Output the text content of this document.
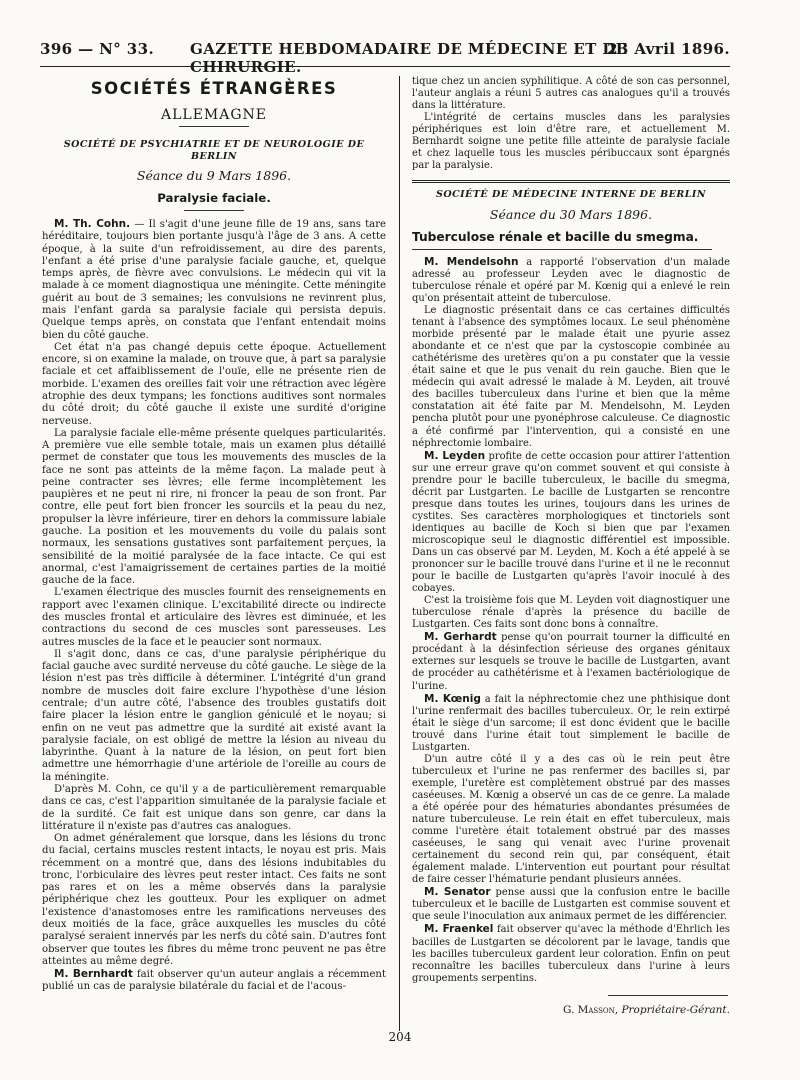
396 — N° 33. GAZETTE HEBDOMADAIRE DE MÉDECINE ET DE CHIRURGIE.
23 Avril 1896.
SOCIÉTÉS ÉTRANGÈRES
ALLEMAGNE
SOCIÉTÉ DE PSYCHIATRIE ET DE NEUROLOGIE DE BERLIN
Séance du 9 Mars 1896.
Paralysie faciale.

M. Th. Cohn. — Il s'agit d'une jeune fille de 19 ans, sans tare héréditaire, toujours bien portante jusqu'à l'âge de 3 ans. A cette époque, à la suite d'un refroidissement, au dire des parents, l'enfant a été prise d'une paralysie faciale gauche, et, quelque temps après, de fièvre avec convulsions. Le médecin qui vit la malade à ce moment diagnostiqua une méningite. Cette méningite guérit au bout de 3 semaines; les convulsions ne revinrent plus, mais l'enfant garda sa paralysie faciale qui persista depuis. Quelque temps après, on constata que l'enfant entendait moins bien du côté gauche.

Cet état n'a pas changé depuis cette époque. Actuellement encore, si on examine la malade, on trouve que, à part sa paralysie faciale et cet affaiblissement de l'ouïe, elle ne présente rien de morbide. L'examen des oreilles fait voir une rétraction avec légère atrophie des deux tympans; les fonctions auditives sont normales du côté droit; du côté gauche il existe une surdité d'origine nerveuse.

La paralysie faciale elle-même présente quelques particularités. A première vue elle semble totale, mais un examen plus détaillé permet de constater que tous les mouvements des muscles de la face ne sont pas atteints de la même façon. La malade peut à peine contracter ses lèvres; elle ferme incomplètement les paupières et ne peut ni rire, ni froncer la peau de son front. Par contre, elle peut fort bien froncer les sourcils et la peau du nez, propulser la lèvre inférieure, tirer en dehors la commissure labiale gauche. La position et les mouvements du voile du palais sont normaux, les sensations gustatives sont parfaitement perçues, la sensibilité de la moitié paralysée de la face intacte. Ce qui est anormal, c'est l'amaigrissement de certaines parties de la moitié gauche de la face.

L'examen électrique des muscles fournit des renseignements en rapport avec l'examen clinique. L'excitabilité directe ou indirecte des muscles frontal et articulaire des lèvres est diminuée, et les contractions du second de ces muscles sont paresseuses. Les autres muscles de la face et le peaucier sont normaux.

Il s'agit donc, dans ce cas, d'une paralysie périphérique du facial gauche avec surdité nerveuse du côté gauche. Le siège de la lésion n'est pas très difficile à déterminer. L'intégrité d'un grand nombre de muscles doit faire exclure l'hypothèse d'une lésion centrale; d'un autre côté, l'absence des troubles gustatifs doit faire placer la lésion entre le ganglion géniculé et le noyau; si enfin on ne veut pas admettre que la surdité ait existé avant la paralysie faciale, on est obligé de mettre la lésion au niveau du labyrinthe. Quant à la nature de la lésion, on peut fort bien admettre une hémorrhagie d'une artériole de l'oreille au cours de la méningite.

D'après M. Cohn, ce qu'il y a de particulièrement remarquable dans ce cas, c'est l'apparition simultanée de la paralysie faciale et de la surdité. Ce fait est unique dans son genre, car dans la littérature il n'existe pas d'autres cas analogues.

On admet généralement que lorsque, dans les lésions du tronc du facial, certains muscles restent intacts, le noyau est pris. Mais récemment on a montré que, dans des lésions indubitables du tronc, l'orbiculaire des lèvres peut rester intact. Ces faits ne sont pas rares et on les a même observés dans la paralysie périphérique chez les goutteux. Pour les expliquer on admet l'existence d'anastomoses entre les ramifications nerveuses des deux moitiés de la face, grâce auxquelles les muscles du côté paralysé seraient innervés par les nerfs du côté sain. D'autres font observer que toutes les fibres du même tronc peuvent ne pas être atteintes au même degré.

M. Bernhardt fait observer qu'un auteur anglais a récemment publié un cas de paralysie bilatérale du facial et de l'acous-

tique chez un ancien syphilitique. A côté de son cas personnel, l'auteur anglais a réuni 5 autres cas analogues qu'il a trouvés dans la littérature.

L'intégrité de certains muscles dans les paralysies périphériques est loin d'être rare, et actuellement M. Bernhardt soigne une petite fille atteinte de paralysie faciale et chez laquelle tous les muscles péribuccaux sont épargnés par la paralysie.

SOCIÉTÉ DE MÉDECINE INTERNE DE BERLIN
Séance du 30 Mars 1896.
Tuberculose rénale et bacille du smegma.

M. Mendelsohn a rapporté l'observation d'un malade adressé au professeur Leyden avec le diagnostic de tuberculose rénale et opéré par M. Kœnig qui a enlevé le rein qu'on présentait atteint de tuberculose.

Le diagnostic présentait dans ce cas certaines difficultés tenant à l'absence des symptômes locaux. Le seul phénomène morbide présenté par le malade était une pyurie assez abondante et ce n'est que par la cystoscopie combinée au cathétérisme des uretères qu'on a pu constater que la vessie était saine et que le pus venait du rein gauche. Bien que le médecin qui avait adressé le malade à M. Leyden, ait trouvé des bacilles tuberculeux dans l'urine et bien que la même constatation ait été faite par M. Mendelsohn, M. Leyden pencha plutôt pour une pyonéphrose calculeuse. Ce diagnostic a été confirmé par l'intervention, qui a consisté en une néphrectomie lombaire.

M. Leyden profite de cette occasion pour attirer l'attention sur une erreur grave qu'on commet souvent et qui consiste à prendre pour le bacille tuberculeux, le bacille du smegma, décrit par Lustgarten. Le bacille de Lustgarten se rencontre presque dans toutes les urines, toujours dans les urines de cystites. Ses caractères morphologiques et tinctoriels sont identiques au bacille de Koch si bien que par l'examen microscopique seul le diagnostic différentiel est impossible. Dans un cas observé par M. Leyden, M. Koch a été appelé à se prononcer sur le bacille trouvé dans l'urine et il ne le reconnut pour le bacille de Lustgarten qu'après l'avoir inoculé à des cobayes.

C'est la troisième fois que M. Leyden voit diagnostiquer une tuberculose rénale d'après la présence du bacille de Lustgarten. Ces faits sont donc bons à connaître.

M. Gerhardt pense qu'on pourrait tourner la difficulté en procédant à la désinfection sérieuse des organes génitaux externes sur lesquels se trouve le bacille de Lustgarten, avant de procéder au cathétérisme et à l'examen bactériologique de l'urine.

M. Kœnig a fait la néphrectomie chez une phthisique dont l'urine renfermait des bacilles tuberculeux. Or, le rein extirpé était le siège d'un sarcome; il est donc évident que le bacille trouvé dans l'urine était tout simplement le bacille de Lustgarten.

D'un autre côté il y a des cas où le rein peut être tuberculeux et l'urine ne pas renfermer des bacilles si, par exemple, l'uretère est complètement obstrué par des masses caséeuses. M. Kœnig a observé un cas de ce genre. La malade a été opérée pour des hématuries abondantes présumées de nature tuberculeuse. Le rein était en effet tuberculeux, mais comme l'uretère était totalement obstrué par des masses caséeuses, le sang qui venait avec l'urine provenait certainement du second rein qui, par conséquent, était également malade. L'intervention eut pourtant pour résultat de faire cesser l'hématurie pendant plusieurs années.

M. Senator pense aussi que la confusion entre le bacille tuberculeux et le bacille de Lustgarten est commise souvent et que seule l'inoculation aux animaux permet de les différencier.

M. Fraenkel fait observer qu'avec la méthode d'Ehrlich les bacilles de Lustgarten se décolorent par le lavage, tandis que les bacilles tuberculeux gardent leur coloration. Enfin on peut reconnaître les bacilles tuberculeux dans l'urine à leurs groupements serpentins.

G. Masson, Propriétaire-Gérant.
204
